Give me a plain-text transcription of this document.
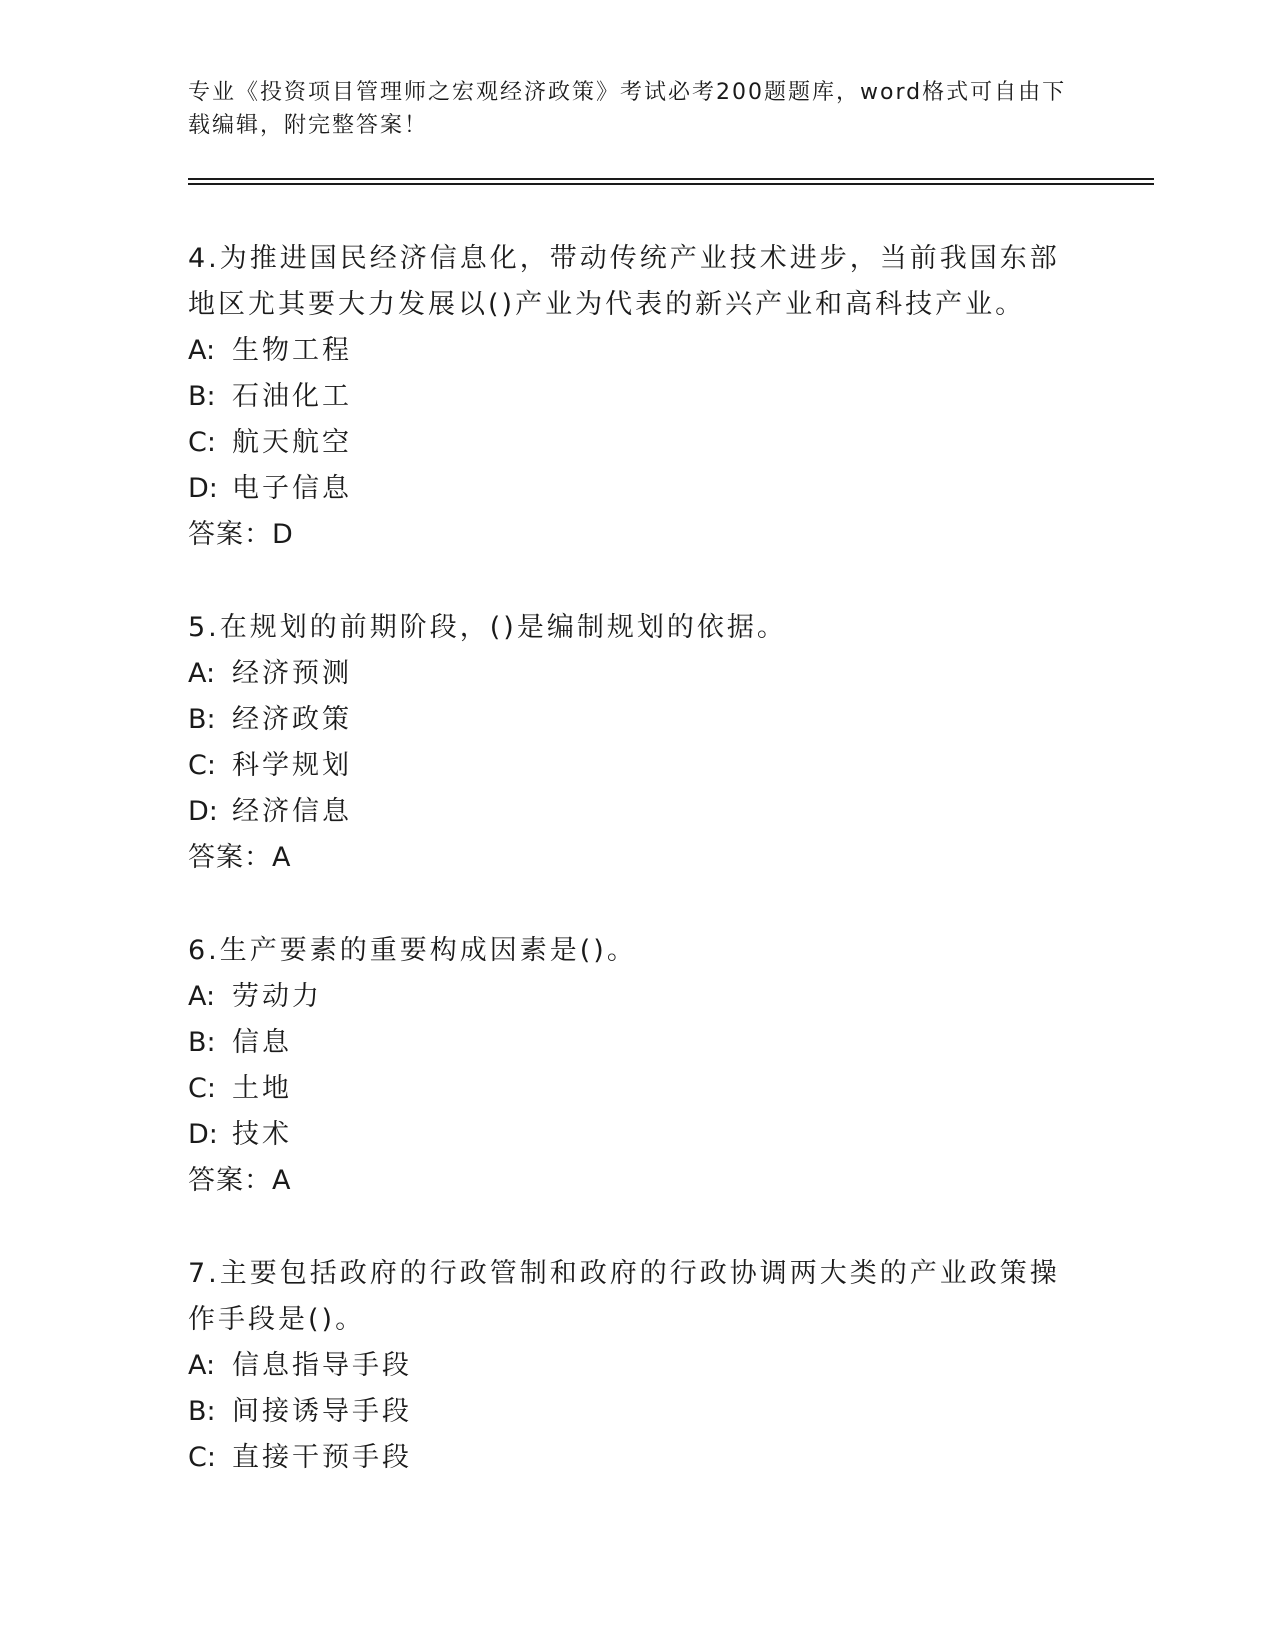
专业《投资项目管理师之宏观经济政策》考试必考200题题库，word格式可自由下载编辑，附完整答案！
4.为推进国民经济信息化，带动传统产业技术进步，当前我国东部地区尤其要大力发展以()产业为代表的新兴产业和高科技产业。
A: 生物工程
B: 石油化工
C: 航天航空
D: 电子信息
答案：D
5.在规划的前期阶段，()是编制规划的依据。
A: 经济预测
B: 经济政策
C: 科学规划
D: 经济信息
答案：A
6.生产要素的重要构成因素是()。
A: 劳动力
B: 信息
C: 土地
D: 技术
答案：A
7.主要包括政府的行政管制和政府的行政协调两大类的产业政策操作手段是()。
A: 信息指导手段
B: 间接诱导手段
C: 直接干预手段
